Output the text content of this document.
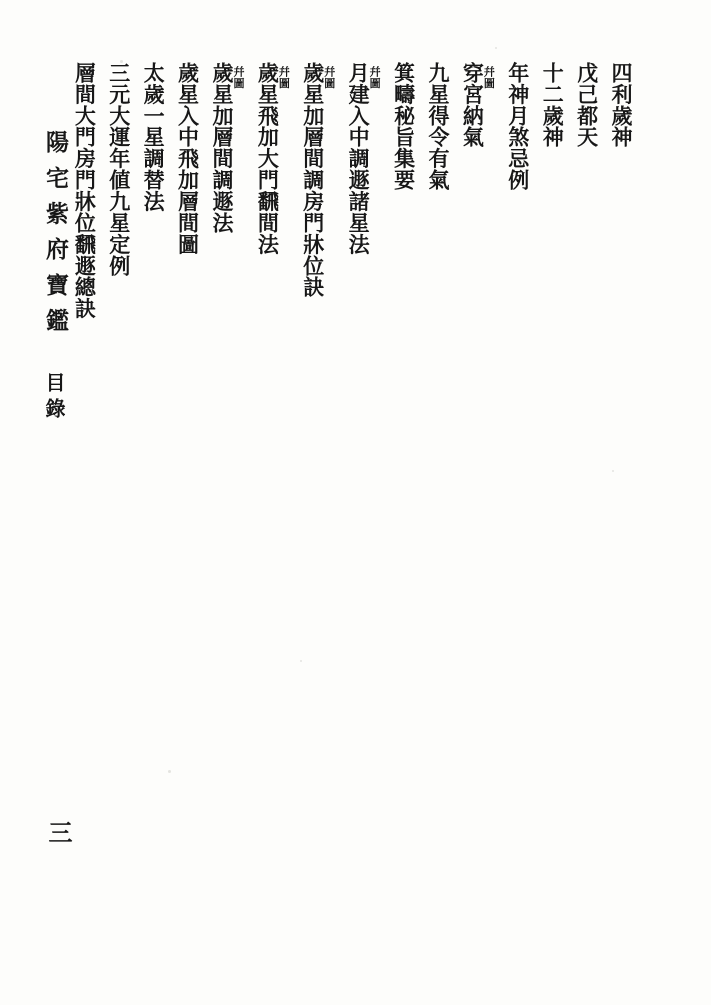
層間大門房門牀位飜遯總訣 三元大運年値九星定例 太歲一星調替法 歲星入中飛加層間圖 歲星加層間調遯法
幷圖 歲星飛加大門飜間法
幷圖 歲星加層間調房門牀位訣
幷圖 月建入中調遯諸星法
幷圖 箕疇秘旨集要 九星得令有氣 穿宮納氣
幷圖 年神月煞忌例 十二歲神 戊己都天 四利歲神
陽宅紫府寶鑑
目錄
三
